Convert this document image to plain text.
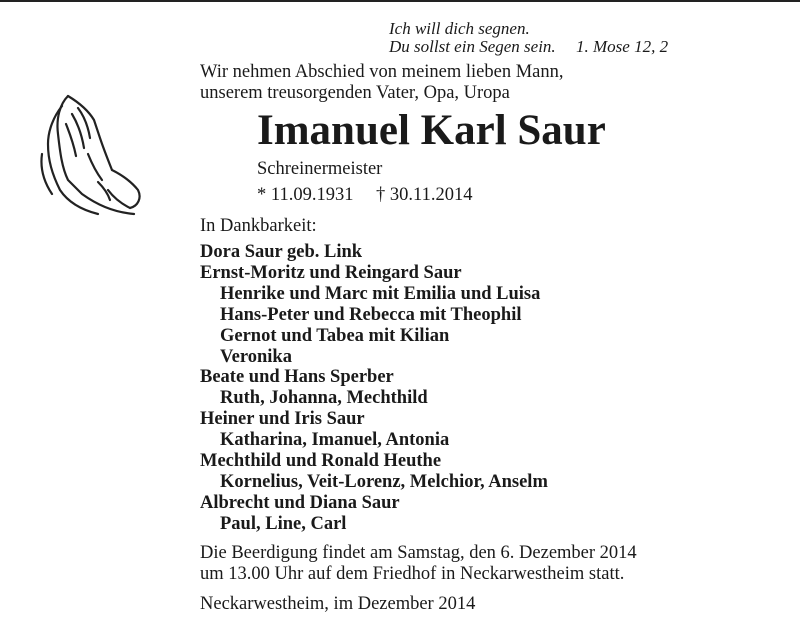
Ich will dich segnen.
Du sollst ein Segen sein. 1. Mose 12, 2
Wir nehmen Abschied von meinem lieben Mann,
unserem treusorgenden Vater, Opa, Uropa
Imanuel Karl Saur
Schreinermeister
* 11.09.1931 † 30.11.2014
In Dankbarkeit:
Dora Saur geb. Link
Ernst-Moritz und Reingard Saur
Henrike und Marc mit Emilia und Luisa
Hans-Peter und Rebecca mit Theophil
Gernot und Tabea mit Kilian
Veronika
Beate und Hans Sperber
Ruth, Johanna, Mechthild
Heiner und Iris Saur
Katharina, Imanuel, Antonia
Mechthild und Ronald Heuthe
Kornelius, Veit-Lorenz, Melchior, Anselm
Albrecht und Diana Saur
Paul, Line, Carl
Die Beerdigung findet am Samstag, den 6. Dezember 2014
um 13.00 Uhr auf dem Friedhof in Neckarwestheim statt.
Neckarwestheim, im Dezember 2014
